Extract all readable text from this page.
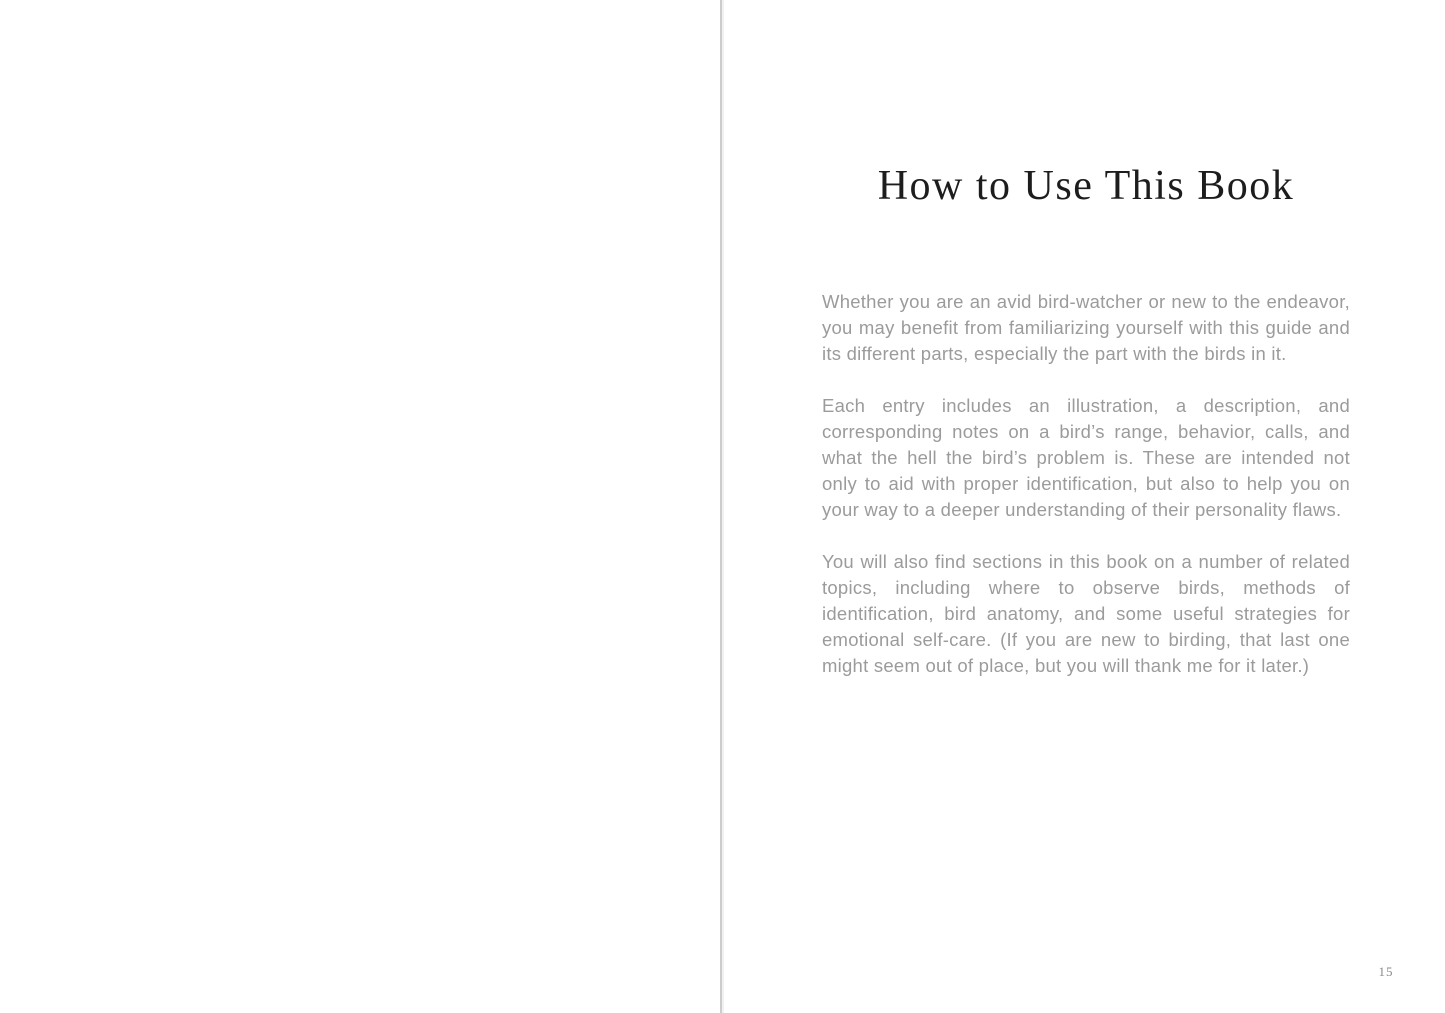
How to Use This Book

Whether you are an avid bird-watcher or new to the endeavor, you may benefit from familiarizing yourself with this guide and its different parts, especially the part with the birds in it.

Each entry includes an illustration, a description, and corresponding notes on a bird’s range, behavior, calls, and what the hell the bird’s problem is. These are intended not only to aid with proper identification, but also to help you on your way to a deeper understanding of their personality flaws.

You will also find sections in this book on a number of related topics, including where to observe birds, methods of identification, bird anatomy, and some useful strategies for emotional self-care. (If you are new to birding, that last one might seem out of place, but you will thank me for it later.)

15
